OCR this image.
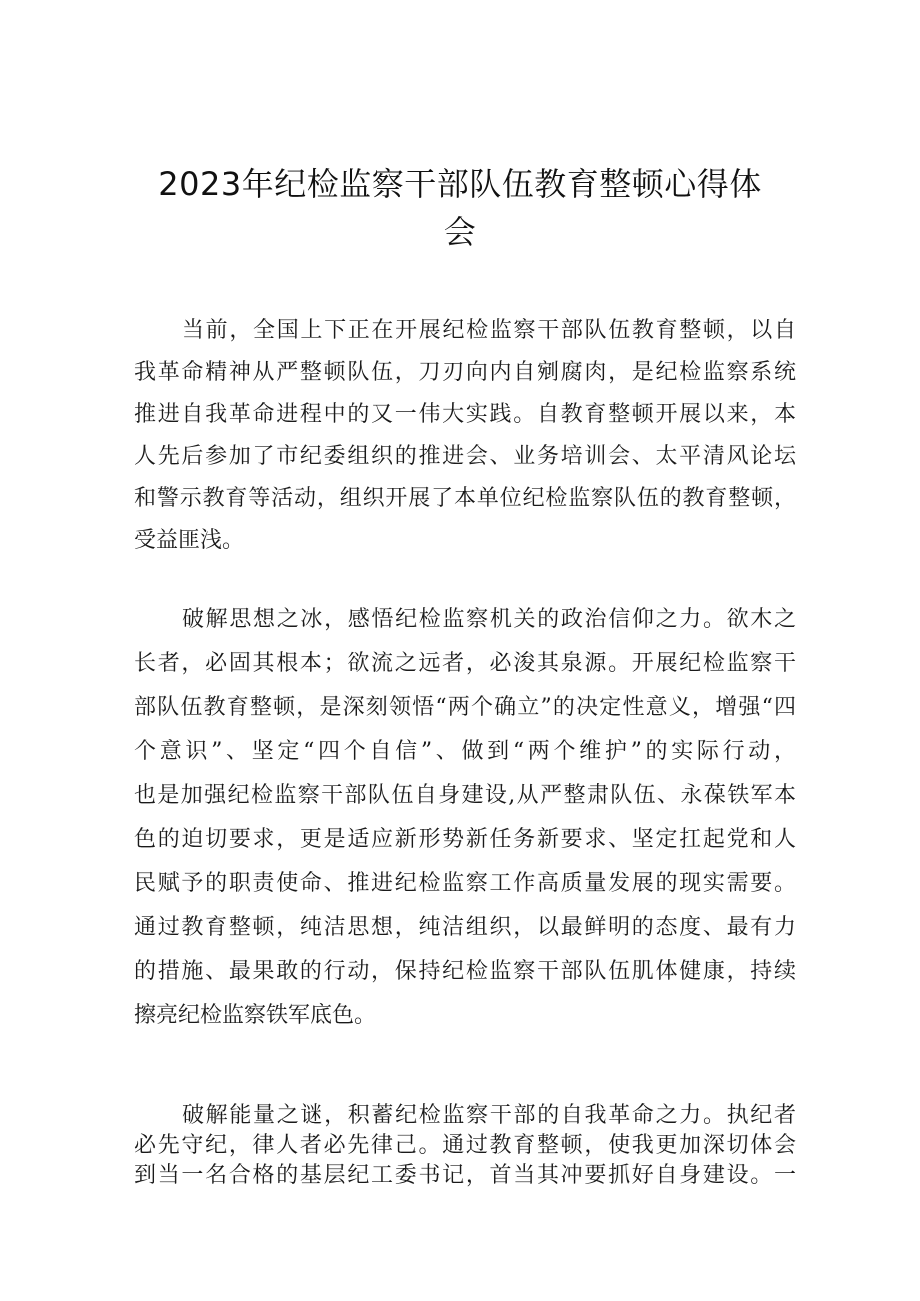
2023年纪检监察干部队伍教育整顿心得体
会
当前，全国上下正在开展纪检监察干部队伍教育整顿，以自
我革命精神从严整顿队伍，刀刃向内自剜腐肉，是纪检监察系统
推进自我革命进程中的又一伟大实践。自教育整顿开展以来，本
人先后参加了市纪委组织的推进会、业务培训会、太平清风论坛
和警示教育等活动，组织开展了本单位纪检监察队伍的教育整顿，
受益匪浅。
破解思想之冰，感悟纪检监察机关的政治信仰之力。欲木之
长者，必固其根本；欲流之远者，必浚其泉源。开展纪检监察干
部队伍教育整顿，是深刻领悟“两个确立”的决定性意义，增强“四
个意识”、坚定“四个自信”、做到“两个维护”的实际行动，
也是加强纪检监察干部队伍自身建设,从严整肃队伍、永葆铁军本
色的迫切要求，更是适应新形势新任务新要求、坚定扛起党和人
民赋予的职责使命、推进纪检监察工作高质量发展的现实需要。
通过教育整顿，纯洁思想，纯洁组织，以最鲜明的态度、最有力
的措施、最果敢的行动，保持纪检监察干部队伍肌体健康，持续
擦亮纪检监察铁军底色。
破解能量之谜，积蓄纪检监察干部的自我革命之力。执纪者
必先守纪，律人者必先律己。通过教育整顿，使我更加深切体会
到当一名合格的基层纪工委书记，首当其冲要抓好自身建设。一
